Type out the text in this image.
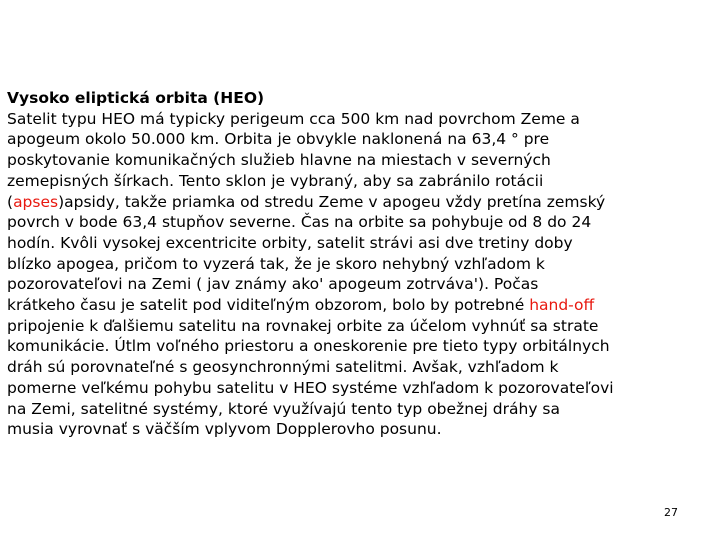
Vysoko eliptická orbita (HEO)
Satelit typu HEO má typicky perigeum cca 500 km nad povrchom Zeme a
apogeum okolo 50.000 km. Orbita je obvykle naklonená na 63,4 ° pre
poskytovanie komunikačných služieb hlavne na miestach v severných
zemepisných šírkach. Tento sklon je vybraný, aby sa zabránilo rotácii
(apses)apsidy, takže priamka od stredu Zeme v apogeu vždy pretína zemský
povrch v bode 63,4 stupňov severne. Čas na orbite sa pohybuje od 8 do 24
hodín. Kvôli vysokej excentricite orbity, satelit strávi asi dve tretiny doby
blízko apogea, pričom to vyzerá tak, že je skoro nehybný vzhľadom k
pozorovateľovi na Zemi ( jav známy ako' apogeum zotrváva'). Počas
krátkeho času je satelit pod viditeľným obzorom, bolo by potrebné hand-off
pripojenie k ďalšiemu satelitu na rovnakej orbite za účelom vyhnúť sa strate
komunikácie. Útlm voľného priestoru a oneskorenie pre tieto typy orbitálnych
dráh sú porovnateľné s geosynchronnými satelitmi. Avšak, vzhľadom k
pomerne veľkému pohybu satelitu v HEO systéme vzhľadom k pozorovateľovi
na Zemi, satelitné systémy, ktoré využívajú tento typ obežnej dráhy sa
musia vyrovnať s väčším vplyvom Dopplerovho posunu.
27
